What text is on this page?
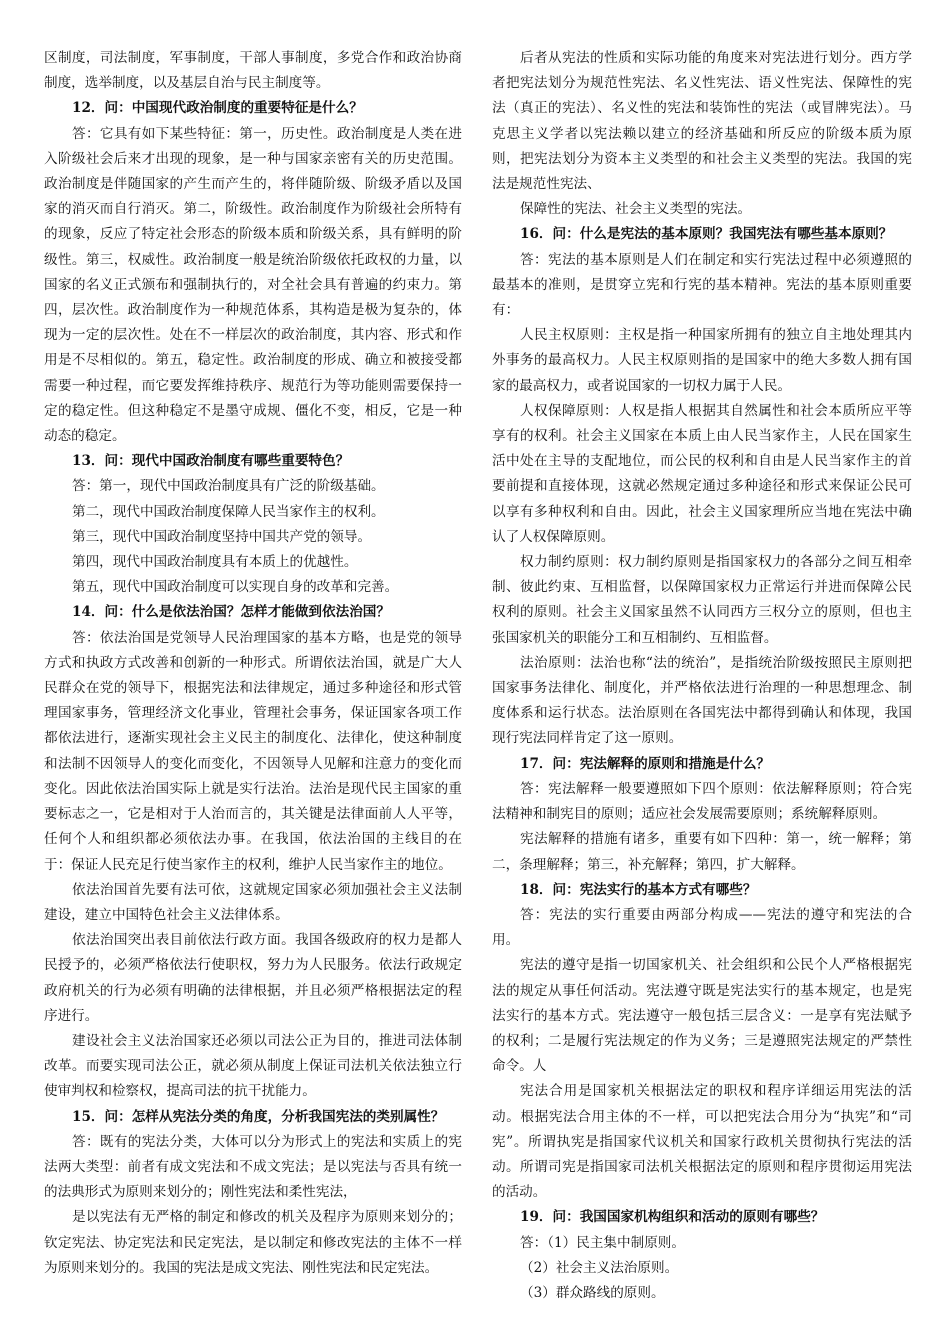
区制度，司法制度，军事制度，干部人事制度，多党合作和政治协商制度，选举制度，以及基层自治与民主制度等。

12．问：中国现代政治制度的重要特征是什么？

答：它具有如下某些特征：第一，历史性。政治制度是人类在进入阶级社会后来才出现的现象，是一种与国家亲密有关的历史范围。政治制度是伴随国家的产生而产生的，将伴随阶级、阶级矛盾以及国家的消灭而自行消灭。第二，阶级性。政治制度作为阶级社会所特有的现象，反应了特定社会形态的阶级本质和阶级关系，具有鲜明的阶级性。第三，权威性。政治制度一般是统治阶级依托政权的力量，以国家的名义正式颁布和强制执行的，对全社会具有普遍的约束力。第四，层次性。政治制度作为一种规范体系，其构造是极为复杂的，体现为一定的层次性。处在不一样层次的政治制度，其内容、形式和作用是不尽相似的。第五，稳定性。政治制度的形成、确立和被接受都需要一种过程，而它要发挥维持秩序、规范行为等功能则需要保持一定的稳定性。但这种稳定不是墨守成规、僵化不变，相反，它是一种动态的稳定。

13．问：现代中国政治制度有哪些重要特色？

答：第一，现代中国政治制度具有广泛的阶级基础。

第二，现代中国政治制度保障人民当家作主的权利。

第三，现代中国政治制度坚持中国共产党的领导。

第四，现代中国政治制度具有本质上的优越性。

第五，现代中国政治制度可以实现自身的改革和完善。

14．问：什么是依法治国？怎样才能做到依法治国？

答：依法治国是党领导人民治理国家的基本方略，也是党的领导方式和执政方式改善和创新的一种形式。所谓依法治国，就是广大人民群众在党的领导下，根据宪法和法律规定，通过多种途径和形式管理国家事务，管理经济文化事业，管理社会事务，保证国家各项工作都依法进行，逐渐实现社会主义民主的制度化、法律化，使这种制度和法制不因领导人的变化而变化，不因领导人见解和注意力的变化而变化。因此依法治国实际上就是实行法治。法治是现代民主国家的重要标志之一，它是相对于人治而言的，其关键是法律面前人人平等，任何个人和组织都必须依法办事。在我国，依法治国的主线目的在于：保证人民充足行使当家作主的权利，维护人民当家作主的地位。

依法治国首先要有法可依，这就规定国家必须加强社会主义法制建设，建立中国特色社会主义法律体系。

依法治国突出表目前依法行政方面。我国各级政府的权力是都人民授予的，必须严格依法行使职权，努力为人民服务。依法行政规定政府机关的行为必须有明确的法律根据，并且必须严格根据法定的程序进行。

建设社会主义法治国家还必须以司法公正为目的，推进司法体制改革。而要实现司法公正，就必须从制度上保证司法机关依法独立行使审判权和检察权，提高司法的抗干扰能力。

15．问：怎样从宪法分类的角度，分析我国宪法的类别属性？

答：既有的宪法分类，大体可以分为形式上的宪法和实质上的宪法两大类型：前者有成文宪法和不成文宪法；是以宪法与否具有统一的法典形式为原则来划分的；刚性宪法和柔性宪法，

是以宪法有无严格的制定和修改的机关及程序为原则来划分的；钦定宪法、协定宪法和民定宪法，是以制定和修改宪法的主体不一样为原则来划分的。我国的宪法是成文宪法、刚性宪法和民定宪法。

后者从宪法的性质和实际功能的角度来对宪法进行划分。西方学者把宪法划分为规范性宪法、名义性宪法、语义性宪法、保障性的宪法（真正的宪法）、名义性的宪法和装饰性的宪法（或冒牌宪法）。马克思主义学者以宪法赖以建立的经济基础和所反应的阶级本质为原则，把宪法划分为资本主义类型的和社会主义类型的宪法。我国的宪法是规范性宪法、

保障性的宪法、社会主义类型的宪法。

16．问：什么是宪法的基本原则？我国宪法有哪些基本原则？

答：宪法的基本原则是人们在制定和实行宪法过程中必须遵照的最基本的准则，是贯穿立宪和行宪的基本精神。宪法的基本原则重要有：

人民主权原则：主权是指一种国家所拥有的独立自主地处理其内外事务的最高权力。人民主权原则指的是国家中的绝大多数人拥有国家的最高权力，或者说国家的一切权力属于人民。

人权保障原则：人权是指人根据其自然属性和社会本质所应平等享有的权利。社会主义国家在本质上由人民当家作主，人民在国家生活中处在主导的支配地位，而公民的权利和自由是人民当家作主的首要前提和直接体现，这就必然规定通过多种途径和形式来保证公民可以享有多种权利和自由。因此，社会主义国家理所应当地在宪法中确认了人权保障原则。

权力制约原则：权力制约原则是指国家权力的各部分之间互相牵制、彼此约束、互相监督，以保障国家权力正常运行并进而保障公民权利的原则。社会主义国家虽然不认同西方三权分立的原则，但也主张国家机关的职能分工和互相制约、互相监督。

法治原则：法治也称“法的统治”，是指统治阶级按照民主原则把国家事务法律化、制度化，并严格依法进行治理的一种思想理念、制度体系和运行状态。法治原则在各国宪法中都得到确认和体现，我国现行宪法同样肯定了这一原则。

17．问：宪法解释的原则和措施是什么？

答：宪法解释一般要遵照如下四个原则：依法解释原则；符合宪法精神和制宪目的原则；适应社会发展需要原则；系统解释原则。

宪法解释的措施有诸多，重要有如下四种：第一，统一解释；第二，条理解释；第三，补充解释；第四，扩大解释。

18．问：宪法实行的基本方式有哪些？

答：宪法的实行重要由两部分构成——宪法的遵守和宪法的合用。

宪法的遵守是指一切国家机关、社会组织和公民个人严格根据宪法的规定从事任何活动。宪法遵守既是宪法实行的基本规定，也是宪法实行的基本方式。宪法遵守一般包括三层含义：一是享有宪法赋予的权利；二是履行宪法规定的作为义务；三是遵照宪法规定的严禁性命令。人

宪法合用是国家机关根据法定的职权和程序详细运用宪法的活动。根据宪法合用主体的不一样，可以把宪法合用分为“执宪”和“司宪”。所谓执宪是指国家代议机关和国家行政机关贯彻执行宪法的活动。所谓司宪是指国家司法机关根据法定的原则和程序贯彻运用宪法的活动。

19．问：我国国家机构组织和活动的原则有哪些？

答：（1）民主集中制原则。

（2）社会主义法治原则。

（3）群众路线的原则。
